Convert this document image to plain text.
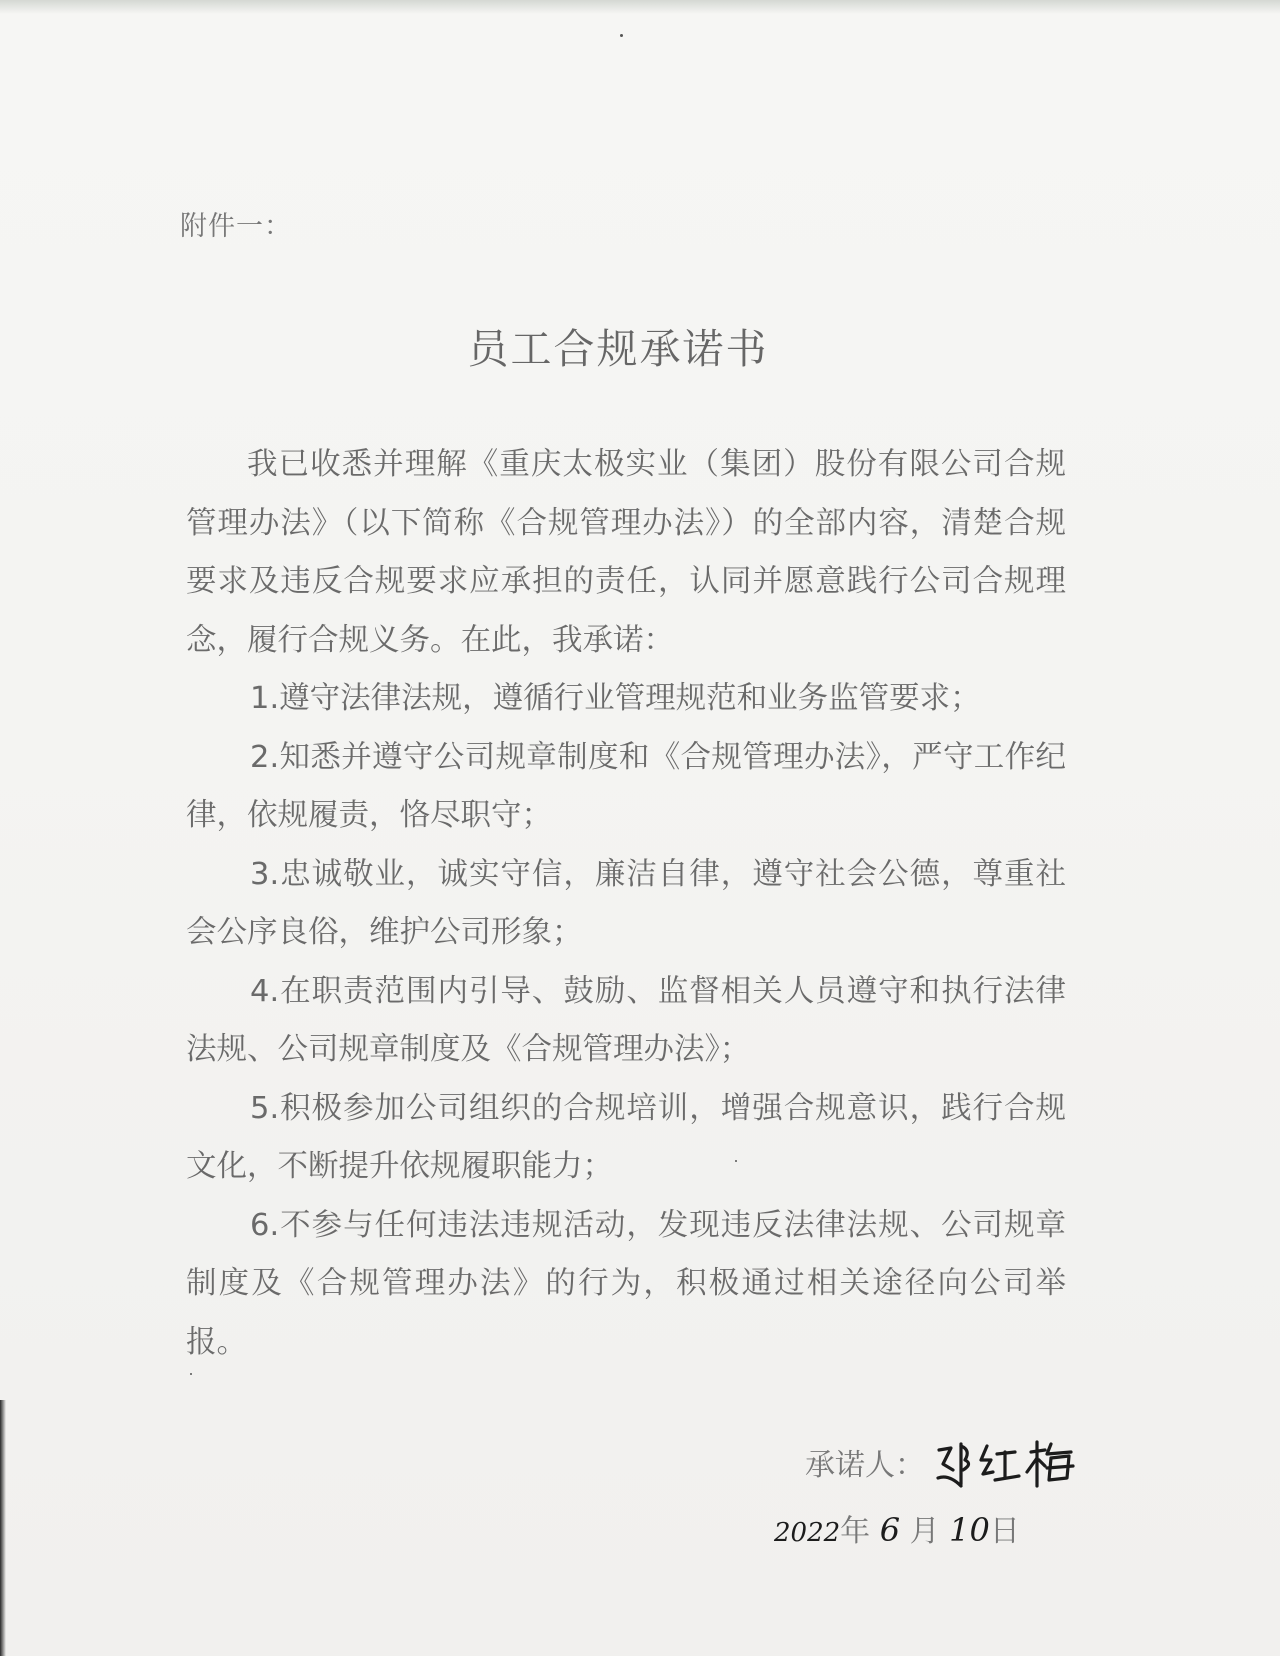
附件一：
员工合规承诺书

我已收悉并理解《重庆太极实业（集团）股份有限公司合规管理办法》（以下简称《合规管理办法》）的全部内容，清楚合规要求及违反合规要求应承担的责任，认同并愿意践行公司合规理念，履行合规义务。在此，我承诺：

1.遵守法律法规，遵循行业管理规范和业务监管要求；

2.知悉并遵守公司规章制度和《合规管理办法》，严守工作纪律，依规履责，恪尽职守；

3.忠诚敬业，诚实守信，廉洁自律，遵守社会公德，尊重社会公序良俗，维护公司形象；

4.在职责范围内引导、鼓励、监督相关人员遵守和执行法律法规、公司规章制度及《合规管理办法》；

5.积极参加公司组织的合规培训，增强合规意识，践行合规文化，不断提升依规履职能力；

6.不参与任何违法违规活动，发现违反法律法规、公司规章制度及《合规管理办法》的行为，积极通过相关途径向公司举报。

承诺人：
2022年 6 月 10日
